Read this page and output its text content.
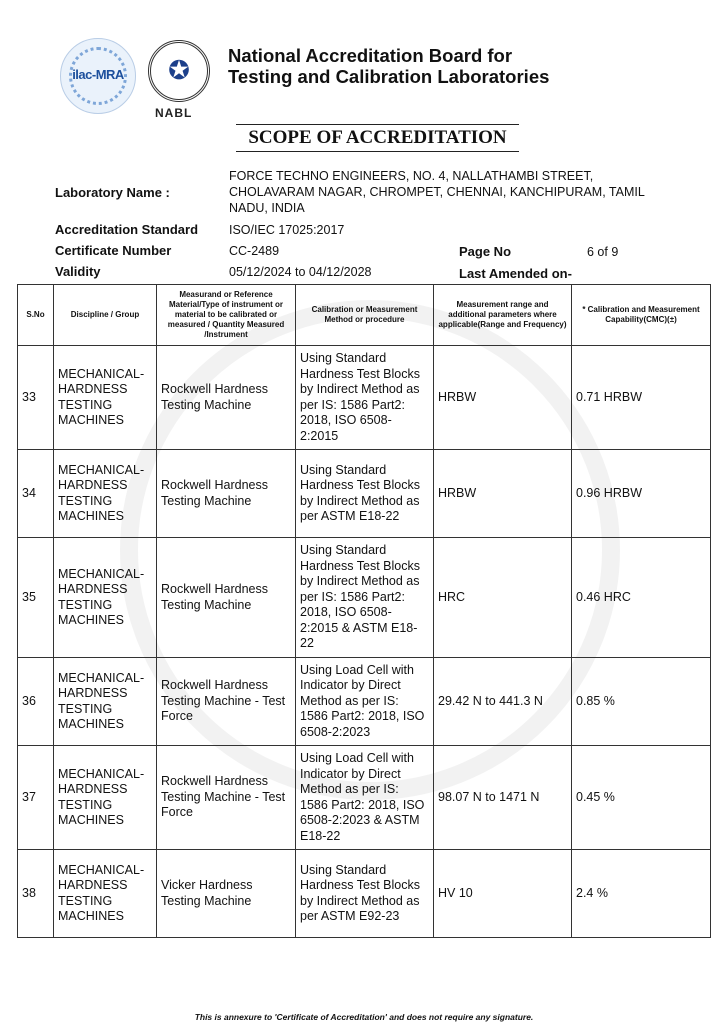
ilac-MRA	✪
NABL
National Accreditation Board for
Testing and Calibration Laboratories
SCOPE OF ACCREDITATION
Laboratory Name :
FORCE TECHNO ENGINEERS, NO. 4, NALLATHAMBI STREET,
CHOLAVARAM NAGAR, CHROMPET, CHENNAI, KANCHIPURAM, TAMIL
NADU, INDIA
Accreditation Standard ISO/IEC 17025:2017
Certificate Number	CC-2489	Page No	6 of 9
Validity	05/12/2024 to 04/12/2028	Last Amended on-
S.No	Discipline / Group	Measurand or Reference Material/Type of instrument or material to be calibrated or measured / Quantity Measured /Instrument	Calibration or Measurement Method or procedure	Measurement range and additional parameters where applicable(Range and Frequency)	* Calibration and Measurement Capability(CMC)(±)
33	MECHANICAL- HARDNESS TESTING MACHINES	Rockwell Hardness Testing Machine	Using Standard Hardness Test Blocks by Indirect Method as per IS: 1586 Part2: 2018, ISO 6508-2:2015	HRBW	0.71 HRBW
34	MECHANICAL- HARDNESS TESTING MACHINES	Rockwell Hardness Testing Machine	Using Standard Hardness Test Blocks by Indirect Method as per ASTM E18-22	HRBW	0.96 HRBW
35	MECHANICAL- HARDNESS TESTING MACHINES	Rockwell Hardness Testing Machine	Using Standard Hardness Test Blocks by Indirect Method as per IS: 1586 Part2: 2018, ISO 6508-2:2015 & ASTM E18-22	HRC	0.46 HRC
36	MECHANICAL- HARDNESS TESTING MACHINES	Rockwell Hardness Testing Machine - Test Force	Using Load Cell with Indicator by Direct Method as per IS: 1586 Part2: 2018, ISO 6508-2:2023	29.42 N to 441.3 N	0.85 %
37	MECHANICAL- HARDNESS TESTING MACHINES	Rockwell Hardness Testing Machine - Test Force	Using Load Cell with Indicator by Direct Method as per IS: 1586 Part2: 2018, ISO 6508-2:2023 & ASTM E18-22	98.07 N to 1471 N	0.45 %
38	MECHANICAL- HARDNESS TESTING MACHINES	Vicker Hardness Testing Machine	Using Standard Hardness Test Blocks by Indirect Method as per ASTM E92-23	HV 10	2.4 %
This is annexure to 'Certificate of Accreditation' and does not require any signature.
